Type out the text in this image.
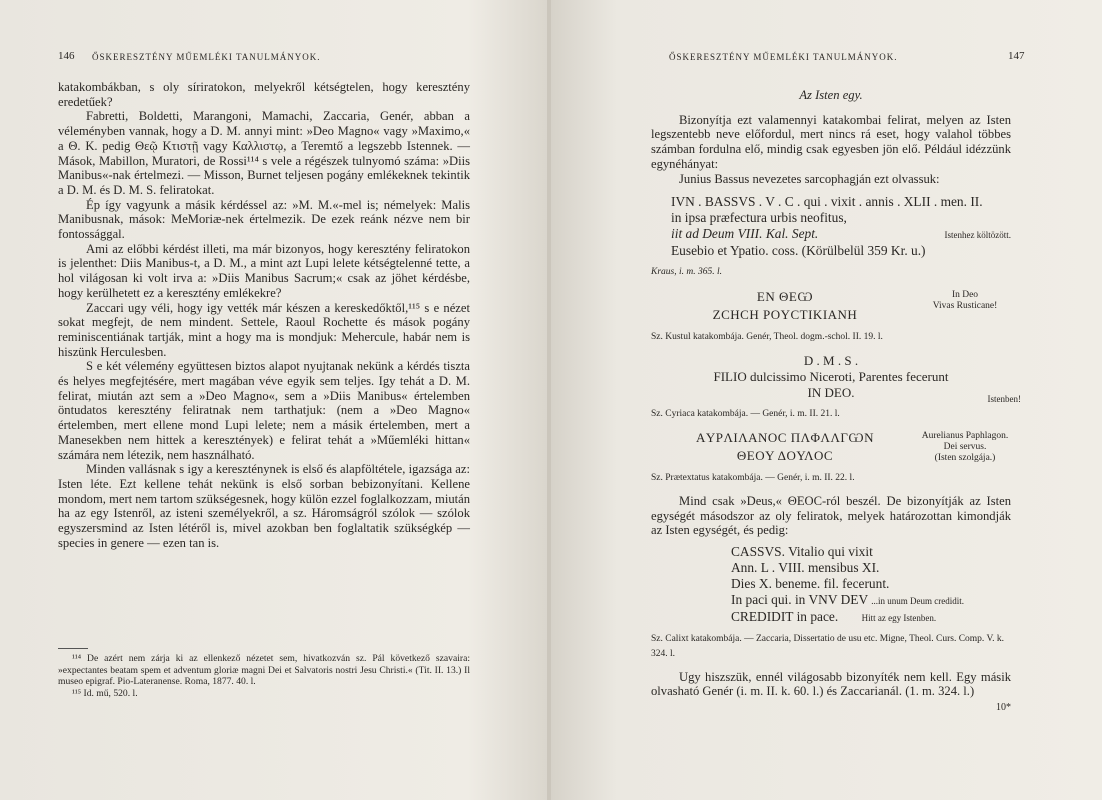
146 ŐSKERESZTÉNY MŰEMLÉKI TANULMÁNYOK.

katakombákban, s oly síriratokon, melyekről kétségtelen, hogy keresztény eredetűek?

Fabretti, Boldetti, Marangoni, Mamachi, Zaccaria, Genér, abban a véleményben vannak, hogy a D. M. annyi mint: »Deo Magno« vagy »Maximo,« a Θ. K. pedig Θεῷ Κτιστῇ vagy Καλλιστῳ, a Teremtő a legszebb Istennek. — Mások, Mabillon, Muratori, de Rossi¹¹⁴ s vele a régészek tulnyomó száma: »Diis Manibus«-nak értelmezi. — Misson, Burnet teljesen pogány emlékeknek tekintik a D. M. és D. M. S. feliratokat.

Ép így vagyunk a másik kérdéssel az: »M. M.«-mel is; némelyek: Malis Manibusnak, mások: MeMoriæ-nek értelmezik. De ezek reánk nézve nem bir fontossággal.

Ami az előbbi kérdést illeti, ma már bizonyos, hogy keresztény feliratokon is jelenthet: Diis Manibus-t, a D. M., a mint azt Lupi lelete kétségtelenné tette, a hol világosan ki volt irva a: »Diis Manibus Sacrum;« csak az jöhet kérdésbe, hogy kerülhetett ez a keresztény emlékekre?

Zaccari ugy véli, hogy igy vették már készen a kereskedőktől,¹¹⁵ s e nézet sokat megfejt, de nem mindent. Settele, Raoul Rochette és mások pogány reminiscentiának tartják, mint a hogy ma is mondjuk: Mehercule, habár nem is hiszünk Herculesben.

S e két vélemény együttesen biztos alapot nyujtanak nekünk a kérdés tiszta és helyes megfejtésére, mert magában véve egyik sem teljes. Igy tehát a D. M. felirat, miután azt sem a »Deo Magno«, sem a »Diis Manibus« értelemben öntudatos keresztény feliratnak nem tarthatjuk: (nem a »Deo Magno« értelemben, mert ellene mond Lupi lelete; nem a másik értelemben, mert a Manesekben nem hittek a keresztények) e felirat tehát a »Műemléki hittan« számára nem létezik, nem használható.

Minden vallásnak s igy a kereszténynek is első és alapföltétele, igazsága az: Isten léte. Ezt kellene tehát nekünk is első sorban bebizonyítani. Kellene mondom, mert nem tartom szükségesnek, hogy külön ezzel foglalkozzam, miután ha az egy Istenről, az isteni személyekről, a sz. Háromságról szólok — szólok egyszersmind az Isten létéről is, mivel azokban ben foglaltatik szükségkép — species in genere — ezen tan is.

¹¹⁴ De azért nem zárja ki az ellenkező nézetet sem, hivatkozván sz. Pál következő szavaira: »expectantes beatam spem et adventum gloriæ magni Dei et Salvatoris nostri Jesu Christi.« (Tit. II. 13.) Il museo epigraf. Pio-Lateranense. Roma, 1877. 40. l.

¹¹⁵ Id. mű, 520. l.

ŐSKERESZTÉNY MŰEMLÉKI TANULMÁNYOK.	147
Az Isten egy.

Bizonyítja ezt valamennyi katakombai felirat, melyen az Isten legszentebb neve előfordul, mert nincs rá eset, hogy valahol többes számban fordulna elő, mindig csak egyesben jön elő. Például idézzünk egynéhányat:

Junius Bassus nevezetes sarcophagján ezt olvassuk:

IVN . BASSVS . V . C . qui . vixit . annis . XLII . men. II.
in ipsa præfectura urbis neofitus,
iit ad Deum VIII. Kal. Sept.	Istenhez költözött.
Eusebio et Ypatio. coss. (Körülbelül 359 Kr. u.)
Kraus, i. m. 365. l.
EN ΘEѠ
ZCHCH POYCTIKIANH
In Deo
Vivas Rusticane!
Sz. Kustul katakombája. Genér, Theol. dogm.-schol. II. 19. l.
D . M . S .
FILIO dulcissimo Niceroti, Parentes fecerunt
IN DEO.	Istenben!
Sz. Cyriaca katakombája. — Genér, i. m. II. 21. l.
AΥPΛIΛANOC ΠΛΦΛΛΓѠN
ΘEOΥ ΔOΥΛOC
Aurelianus Paphlagon.
Dei servus.
(Isten szolgája.)
Sz. Prætextatus katakombája. — Genér, i. m. II. 22. l.

Mind csak »Deus,« ΘEOC-ról beszél. De bizonyítják az Isten egységét másodszor az oly feliratok, melyek határozottan kimondják az Isten egységét, és pedig:

CASSVS. Vitalio qui vixit
Ann. L . VIII. mensibus XI.
Dies X. beneme. fil. fecerunt.
In paci qui. in VNV DEV ...in unum Deum credidit.
CREDIDIT in pace.	Hitt az egy Istenben.
Sz. Calixt katakombája. — Zaccaria, Dissertatio de usu etc. Migne, Theol. Curs. Comp. V. k. 324. l.

Ugy hiszszük, ennél világosabb bizonyíték nem kell. Egy másik olvasható Genér (i. m. II. k. 60. l.) és Zaccarianál. (1. m. 324. l.)

10*
